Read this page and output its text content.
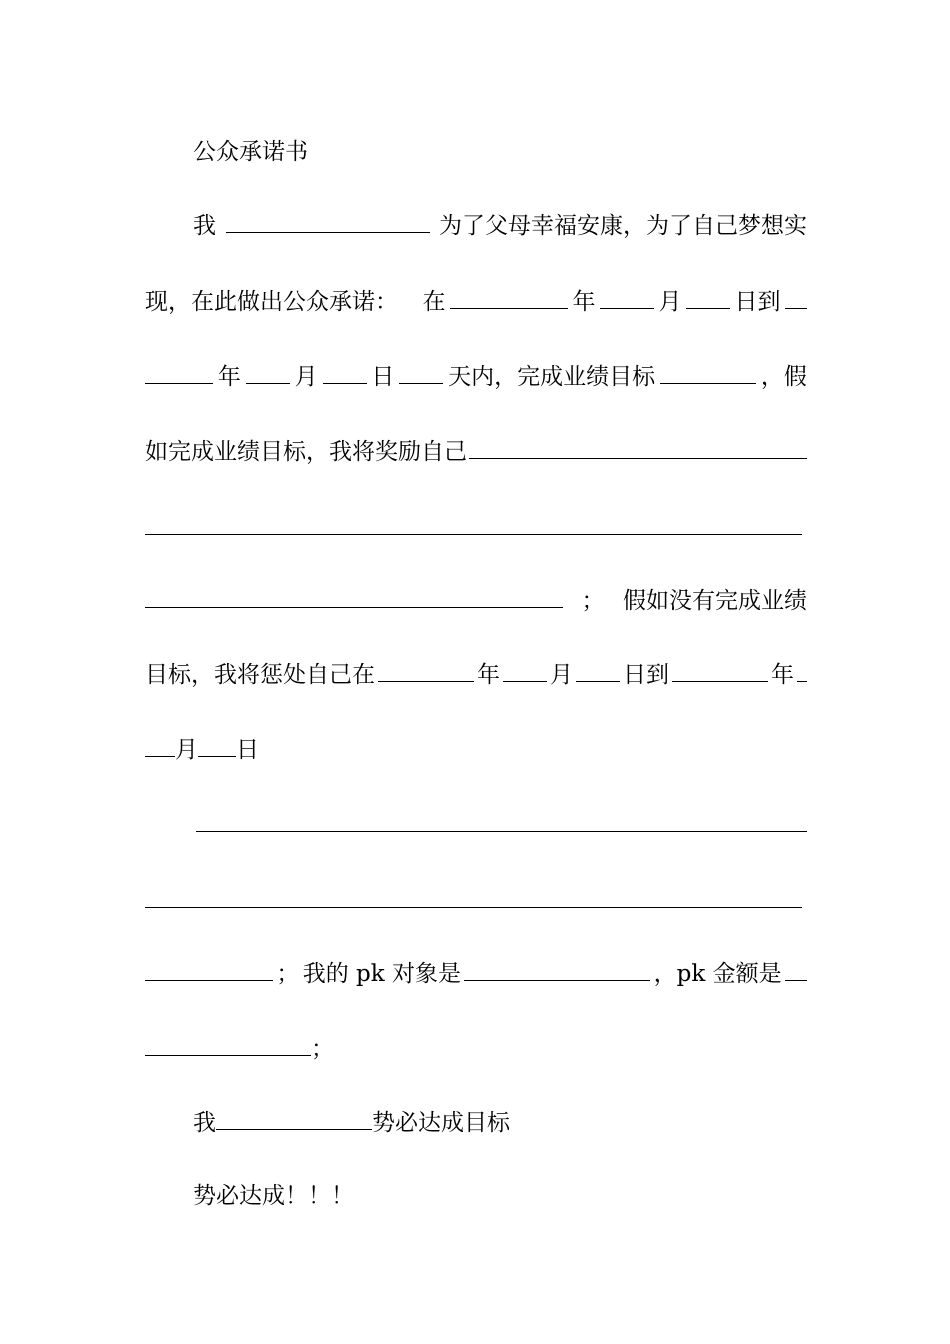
公众承诺书
我	为了父母幸福安康，为了自己梦想实
现，在此做出公众承诺： 在	年	月 日到
年 月 日 天内，完成业绩目标	，假
如完成业绩目标，我将奖励自己
； 假如没有完成业绩
目标，我将惩处自己在	年 月 日到	年
月 日
； 我的 pk 对象是	，pk 金额是
；
我	势必达成目标
势必达成！！！
